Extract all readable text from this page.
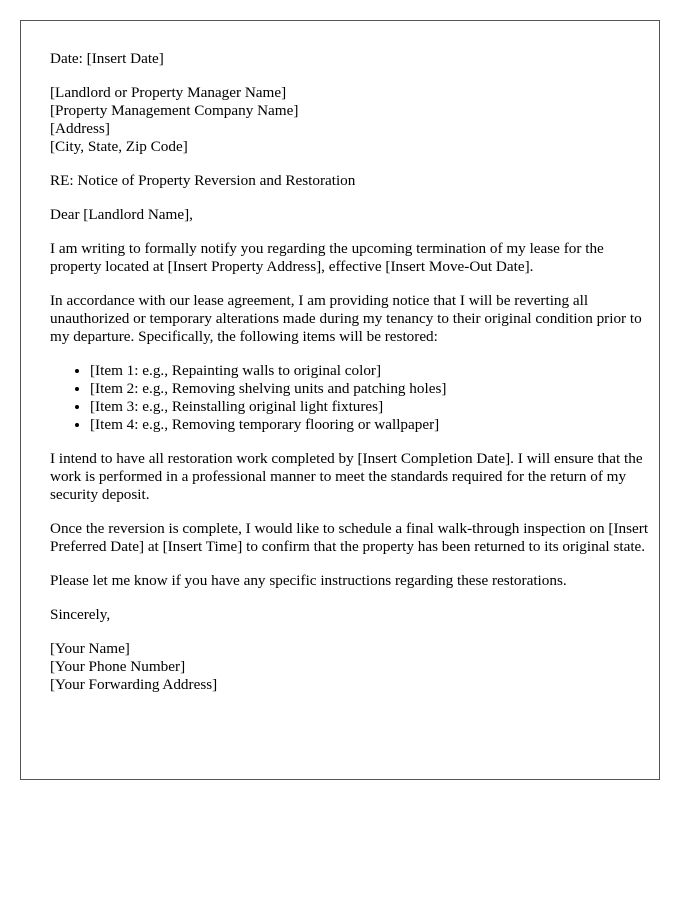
Date: [Insert Date]

[Landlord or Property Manager Name]
[Property Management Company Name]
[Address]
[City, State, Zip Code]

RE: Notice of Property Reversion and Restoration

Dear [Landlord Name],

I am writing to formally notify you regarding the upcoming termination of my lease for the property located at [Insert Property Address], effective [Insert Move-Out Date].

In accordance with our lease agreement, I am providing notice that I will be reverting all unauthorized or temporary alterations made during my tenancy to their original condition prior to my departure. Specifically, the following items will be restored:

• [Item 1: e.g., Repainting walls to original color]
• [Item 2: e.g., Removing shelving units and patching holes]
• [Item 3: e.g., Reinstalling original light fixtures]
• [Item 4: e.g., Removing temporary flooring or wallpaper]

I intend to have all restoration work completed by [Insert Completion Date]. I will ensure that the work is performed in a professional manner to meet the standards required for the return of my security deposit.

Once the reversion is complete, I would like to schedule a final walk-through inspection on [Insert Preferred Date] at [Insert Time] to confirm that the property has been returned to its original state.

Please let me know if you have any specific instructions regarding these restorations.

Sincerely,

[Your Name]
[Your Phone Number]
[Your Forwarding Address]
